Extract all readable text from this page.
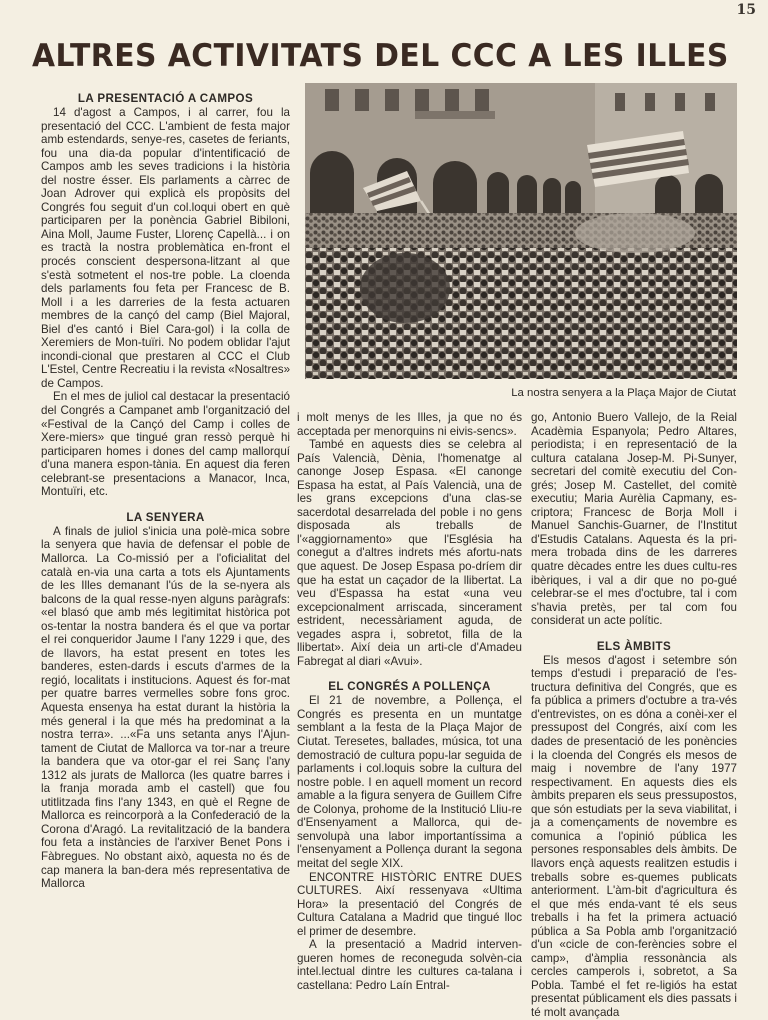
15
ALTRES ACTIVITATS DEL CCC A LES ILLES
La nostra senyera a la Plaça Major de Ciutat
LA PRESENTACIÓ A CAMPOS

14 d'agost a Campos, i al carrer, fou la presentació del CCC. L'ambient de festa major amb estendards, senye-res, casetes de feriants, fou una dia-da popular d'intentificació de Campos amb les seves tradicions i la història del nostre ésser. Els parlaments a càrrec de Joan Adrover qui explicà els propòsits del Congrés fou seguit d'un col.loqui obert en què participaren per la ponència Gabriel Bibiloni, Aina Moll, Jaume Fuster, Llorenç Capellà... i on es tractà la nostra problemàtica en-front el procés conscient despersona-litzant al que s'està sotmetent el nos-tre poble. La cloenda dels parlaments fou feta per Francesc de B. Moll i a les darreries de la festa actuaren membres de la cançó del camp (Biel Majoral, Biel d'es cantó i Biel Cara-gol) i la colla de Xeremiers de Mon-tuïri. No podem oblidar l'ajut incondi-cional que prestaren al CCC el Club L'Estel, Centre Recreatiu i la revista «Nosaltres» de Campos.

En el mes de juliol cal destacar la presentació del Congrés a Campanet amb l'organització del «Festival de la Cançó del Camp i colles de Xere-miers» que tingué gran ressò perquè hi participaren homes i dones del camp mallorquí d'una manera espon-tània. En aquest dia feren celebrant-se presentacions a Manacor, Inca, Montuïri, etc.

LA SENYERA

A finals de juliol s'inicia una polè-mica sobre la senyera que havia de defensar el poble de Mallorca. La Co-missió per a l'oficialitat del català en-via una carta a tots els Ajuntaments de les Illes demanant l'ús de la se-nyera als balcons de la qual resse-nyen alguns paràgrafs: «el blasó que amb més legitimitat històrica pot os-tentar la nostra bandera és el que va portar el rei conqueridor Jaume I l'any 1229 i que, des de llavors, ha estat present en totes les banderes, esten-dards i escuts d'armes de la regió, localitats i institucions. Aquest és for-mat per quatre barres vermelles sobre fons groc. Aquesta ensenya ha estat durant la història la més general i la que més ha predominat a la nostra terra». ...«Fa uns setanta anys l'Ajun-tament de Ciutat de Mallorca va tor-nar a treure la bandera que va otor-gar el rei Sanç l'any 1312 als jurats de Mallorca (les quatre barres i la franja morada amb el castell) que fou utitlitzada fins l'any 1343, en què el Regne de Mallorca es reincorporà a la Confederació de la Corona d'Aragó. La revitalització de la bandera fou feta a instàncies de l'arxiver Benet Pons i Fàbregues. No obstant això, aquesta no és de cap manera la ban-dera més representativa de Mallorca

i molt menys de les Illes, ja que no és acceptada per menorquins ni eivis-sencs».

També en aquests dies se celebra al País Valencià, Dènia, l'homenatge al canonge Josep Espasa. «El canonge Espasa ha estat, al País Valencià, una de les grans excepcions d'una clas-se sacerdotal desarrelada del poble i no gens disposada als treballs de l'«aggiornamento» que l'Església ha conegut a d'altres indrets més afortu-nats que aquest. De Josep Espasa po-dríem dir que ha estat un caçador de la llibertat. La veu d'Espassa ha estat «una veu excepcionalment arriscada, sincerament estrident, necessàriament aguda, de vegades aspra i, sobretot, filla de la llibertat». Així deia un arti-cle d'Amadeu Fabregat al diari «Avui».

EL CONGRÉS A POLLENÇA

El 21 de novembre, a Pollença, el Congrés es presenta en un muntatge semblant a la festa de la Plaça Major de Ciutat. Teresetes, ballades, música, tot una demostració de cultura popu-lar seguida de parlaments i col.loquis sobre la cultura del nostre poble. I en aquell moment un record amable a la figura senyera de Guillem Cifre de Colonya, prohome de la Institució Lliu-re d'Ensenyament a Mallorca, qui de-senvolupà una labor importantíssima a l'ensenyament a Pollença durant la segona meitat del segle XIX.

ENCONTRE HISTÒRIC ENTRE DUES CULTURES. Així ressenyava «Ultima Hora» la presentació del Congrés de Cultura Catalana a Madrid que tingué lloc el primer de desembre.

A la presentació a Madrid interven-gueren homes de reconeguda solvèn-cia intel.lectual dintre les cultures ca-talana i castellana: Pedro Laín Entral-

go, Antonio Buero Vallejo, de la Reial Acadèmia Espanyola; Pedro Altares, periodista; i en representació de la cultura catalana Josep-M. Pi-Sunyer, secretari del comitè executiu del Con-grés; Josep M. Castellet, del comitè executiu; Maria Aurèlia Capmany, es-criptora; Francesc de Borja Moll i Manuel Sanchis-Guarner, de l'Institut d'Estudis Catalans. Aquesta és la pri-mera trobada dins de les darreres quatre dècades entre les dues cultu-res ibèriques, i val a dir que no po-gué celebrar-se el mes d'octubre, tal i com s'havia pretès, per tal com fou considerat un acte polític.

ELS ÀMBITS

Els mesos d'agost i setembre són temps d'estudi i preparació de l'es-tructura definitiva del Congrés, que es fa pública a primers d'octubre a tra-vés d'entrevistes, on es dóna a conèi-xer el pressupost del Congrés, així com les dades de presentació de les ponències i la cloenda del Congrés els mesos de maig i novembre de l'any 1977 respectivament. En aquests dies els àmbits preparen els seus pressupostos, que són estudiats per la seva viabilitat, i ja a començaments de novembre es comunica a l'opinió pública les persones responsables dels àmbits. De llavors ençà aquests realitzen estudis i treballs sobre es-quemes publicats anteriorment. L'àm-bit d'agricultura és el que més enda-vant té els seus treballs i ha fet la primera actuació pública a Sa Pobla amb l'organització d'un «cicle de con-ferències sobre el camp», d'àmplia ressonància als cercles camperols i, sobretot, a Sa Pobla. També el fet re-ligiós ha estat presentat públicament els dies passats i té molt avançada
